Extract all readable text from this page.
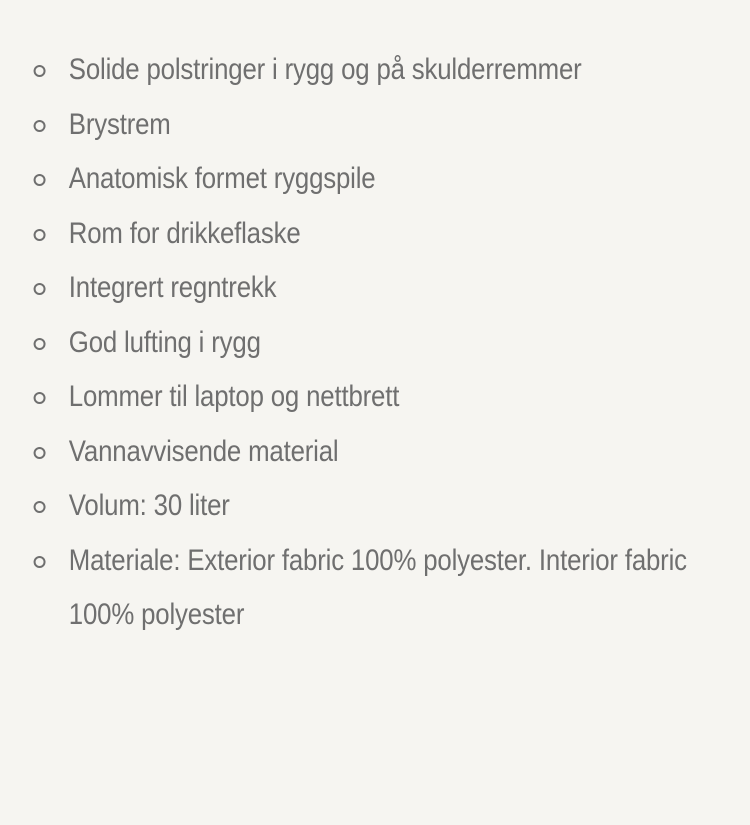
Solide polstringer i rygg og på skulderremmer
Brystrem
Anatomisk formet ryggspile
Rom for drikkeflaske
Integrert regntrekk
God lufting i rygg
Lommer til laptop og nettbrett
Vannavvisende material
Volum: 30 liter
Materiale: Exterior fabric 100% polyester. Interior fabric 100% polyester
